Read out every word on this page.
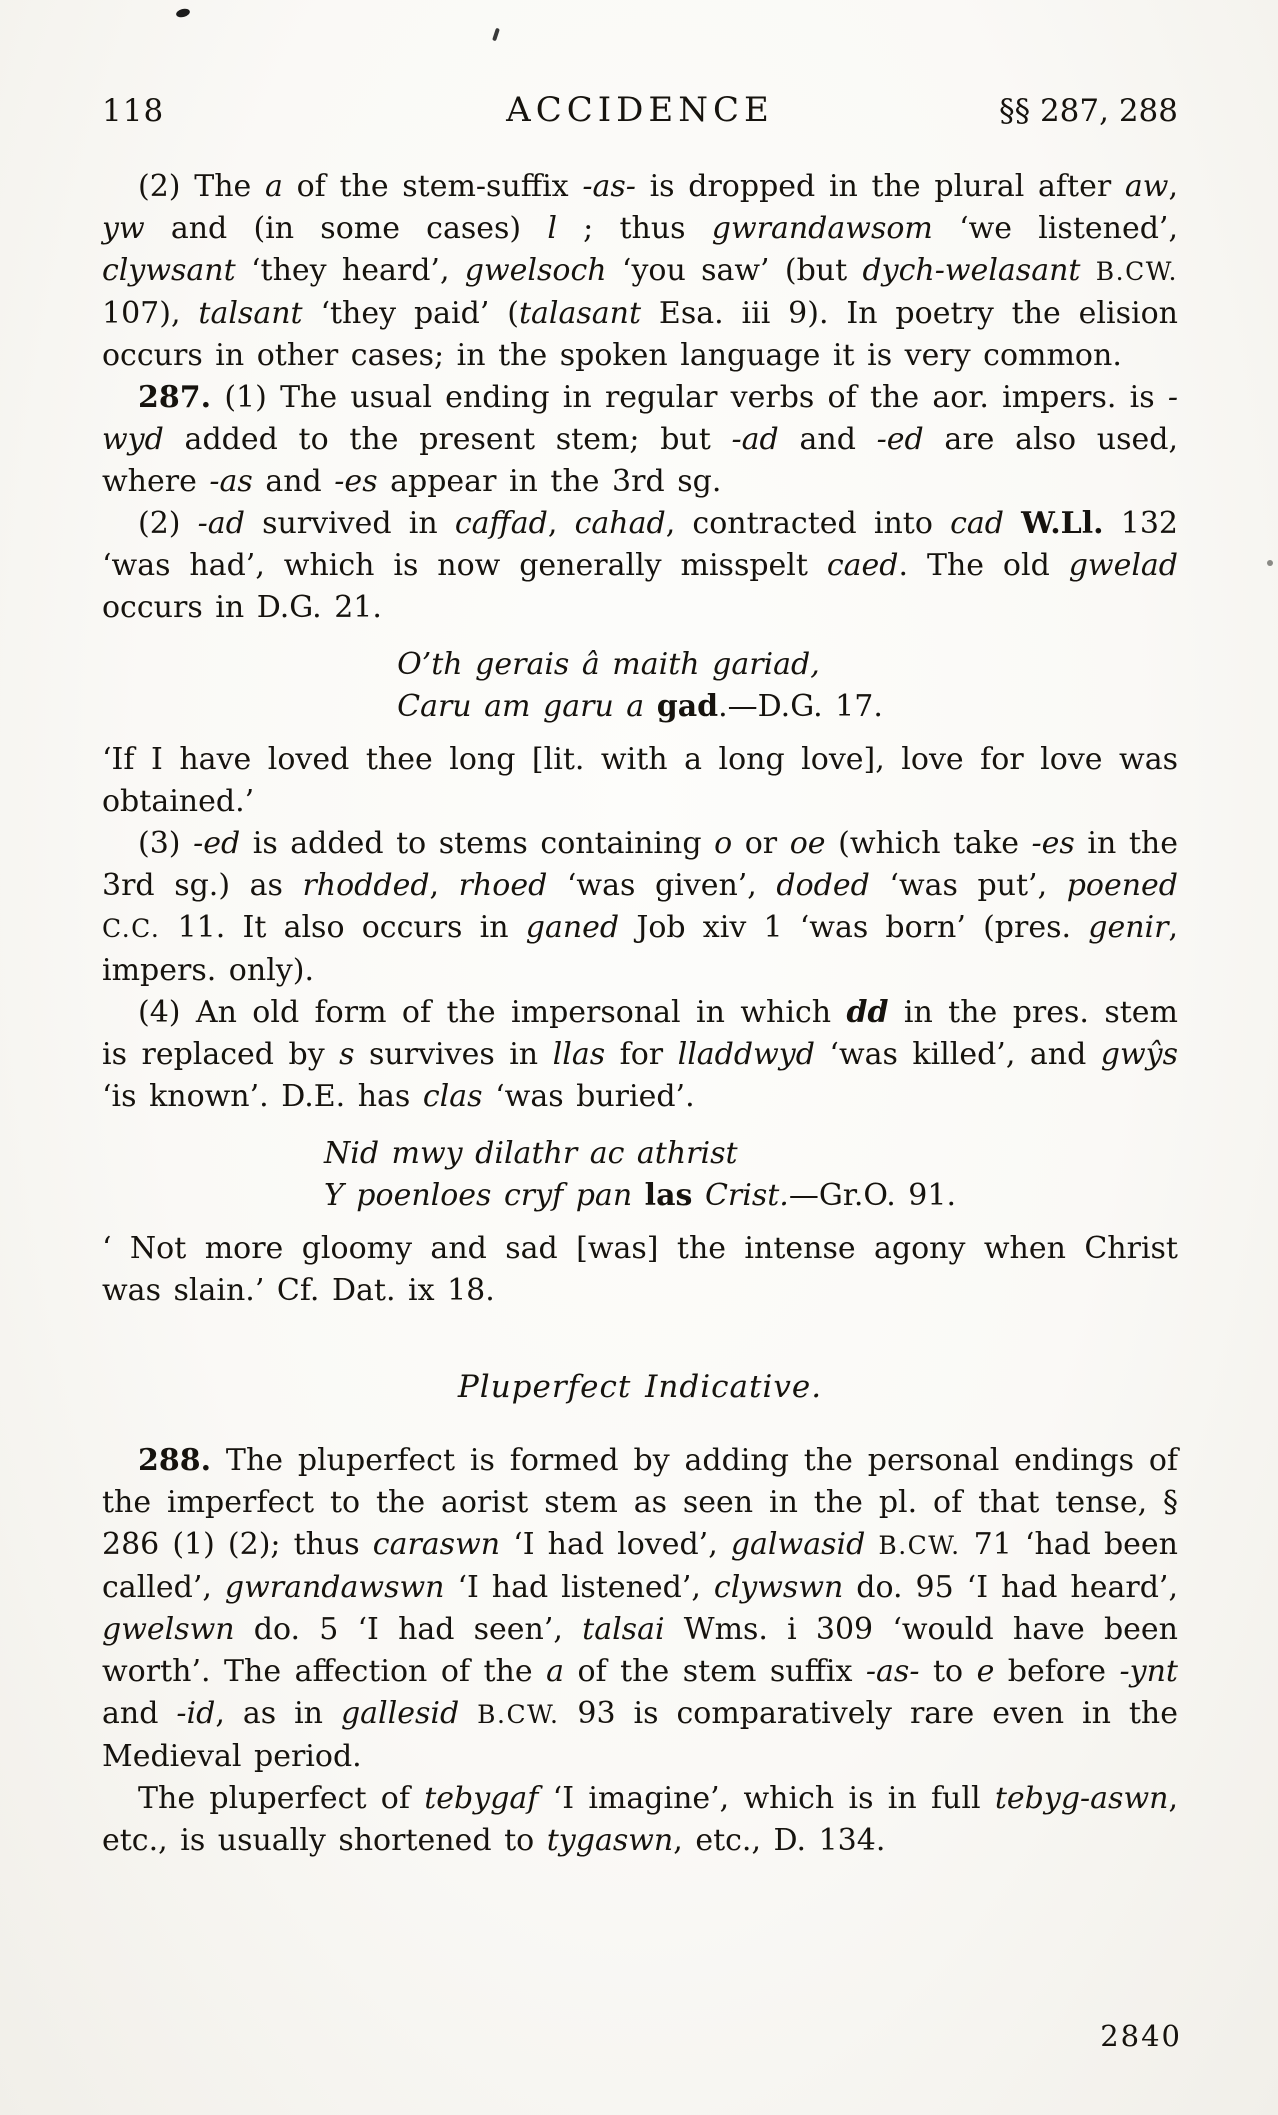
118	ACCIDENCE	§§ 287, 288

(2) The a of the stem-suffix -as- is dropped in the plural after aw, yw and (in some cases) l ; thus gwrandawsom ‘we listened’, clywsant ‘they heard’, gwelsoch ‘you saw’ (but dych-welasant B.CW. 107), talsant ‘they paid’ (talasant Esa. iii 9). In poetry the elision occurs in other cases; in the spoken language it is very common.

287. (1) The usual ending in regular verbs of the aor. impers. is -wyd added to the present stem; but -ad and -ed are also used, where -as and -es appear in the 3rd sg.

(2) -ad survived in caffad, cahad, contracted into cad W.Ll. 132 ‘was had’, which is now generally misspelt caed. The old gwelad occurs in D.G. 21.

O’th gerais â maith gariad,
Caru am garu a gad.—D.G. 17.

‘If I have loved thee long [lit. with a long love], love for love was obtained.’

(3) -ed is added to stems containing o or oe (which take -es in the 3rd sg.) as rhodded, rhoed ‘was given’, doded ‘was put’, poened C.C. 11. It also occurs in ganed Job xiv 1 ‘was born’ (pres. genir, impers. only).

(4) An old form of the impersonal in which dd in the pres. stem is replaced by s survives in llas for lladdwyd ‘was killed’, and gwŷs ‘is known’. D.E. has clas ‘was buried’.

Nid mwy dilathr ac athrist
Y poenloes cryf pan las Crist.—Gr.O. 91.

‘ Not more gloomy and sad [was] the intense agony when Christ was slain.’ Cf. Dat. ix 18.

Pluperfect Indicative.

288. The pluperfect is formed by adding the personal endings of the imperfect to the aorist stem as seen in the pl. of that tense, § 286 (1) (2); thus caraswn ‘I had loved’, galwasid B.CW. 71 ‘had been called’, gwrandawswn ‘I had listened’, clywswn do. 95 ‘I had heard’, gwelswn do. 5 ‘I had seen’, talsai Wms. i 309 ‘would have been worth’. The affection of the a of the stem suffix -as- to e before -ynt and -id, as in gallesid B.CW. 93 is comparatively rare even in the Medieval period.

The pluperfect of tebygaf ‘I imagine’, which is in full tebyg-aswn, etc., is usually shortened to tygaswn, etc., D. 134.

2840
